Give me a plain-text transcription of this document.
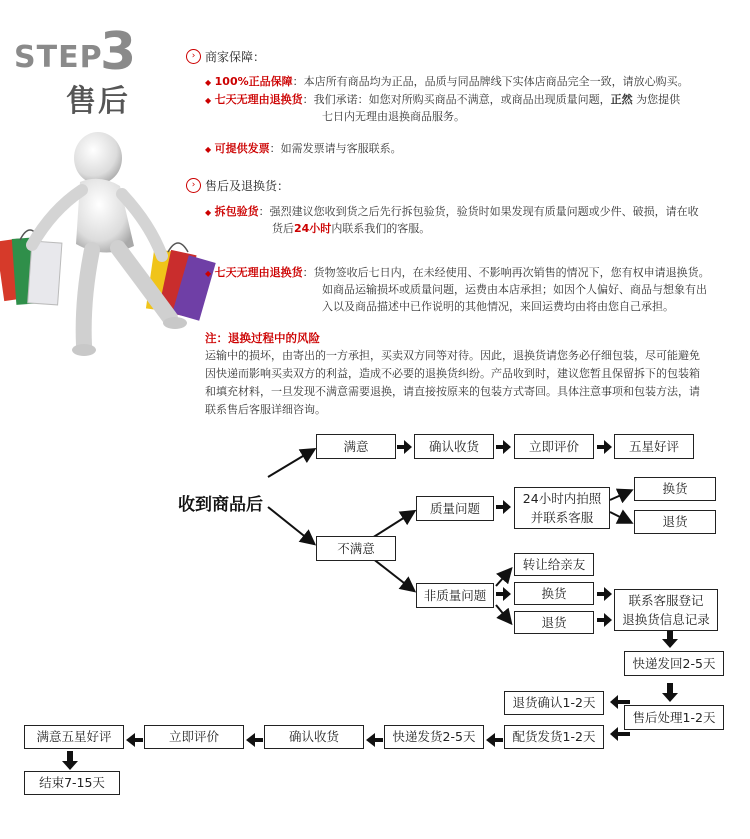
STEP
3
售后
› 商家保障：
◆ 100%正品保障：本店所有商品均为正品，品质与同品牌线下实体店商品完全一致，请放心购买。
◆ 七天无理由退换货：我们承诺：如您对所购买商品不满意，或商品出现质量问题，正然 为您提供
七日内无理由退换商品服务。
◆ 可提供发票：如需发票请与客服联系。
› 售后及退换货：
◆ 拆包验货：强烈建议您收到货之后先行拆包验货，验货时如果发现有质量问题或少件、破损，请在收
货后24小时内联系我们的客服。
◆ 七天无理由退换货：货物签收后七日内，在未经使用、不影响再次销售的情况下，您有权申请退换货。
如商品运输损坏或质量问题，运费由本店承担；如因个人偏好、商品与想象有出
入以及商品描述中已作说明的其他情况，来回运费均由将由您自己承担。
注：退换过程中的风险
运输中的损坏，由寄出的一方承担，买卖双方同等对待。因此，退换货请您务必仔细包装，尽可能避免
因快递而影响买卖双方的利益，造成不必要的退换货纠纷。产品收到时，建议您暂且保留拆下的包装箱
和填充材料，一旦发现不满意需要退换，请直接按原来的包装方式寄回。具体注意事项和包装方法，请
联系售后客服详细咨询。
收到商品后
满意	确认收货	立即评价	五星好评
质量问题
24小时内拍照
并联系客服
换货
退货
不满意
非质量问题
转让给亲友
换货
退货
联系客服登记
退换货信息记录
快递发回2-5天
退货确认1-2天
售后处理1-2天
配货发货1-2天
快递发货2-5天
确认收货
立即评价
满意五星好评
结束7-15天
